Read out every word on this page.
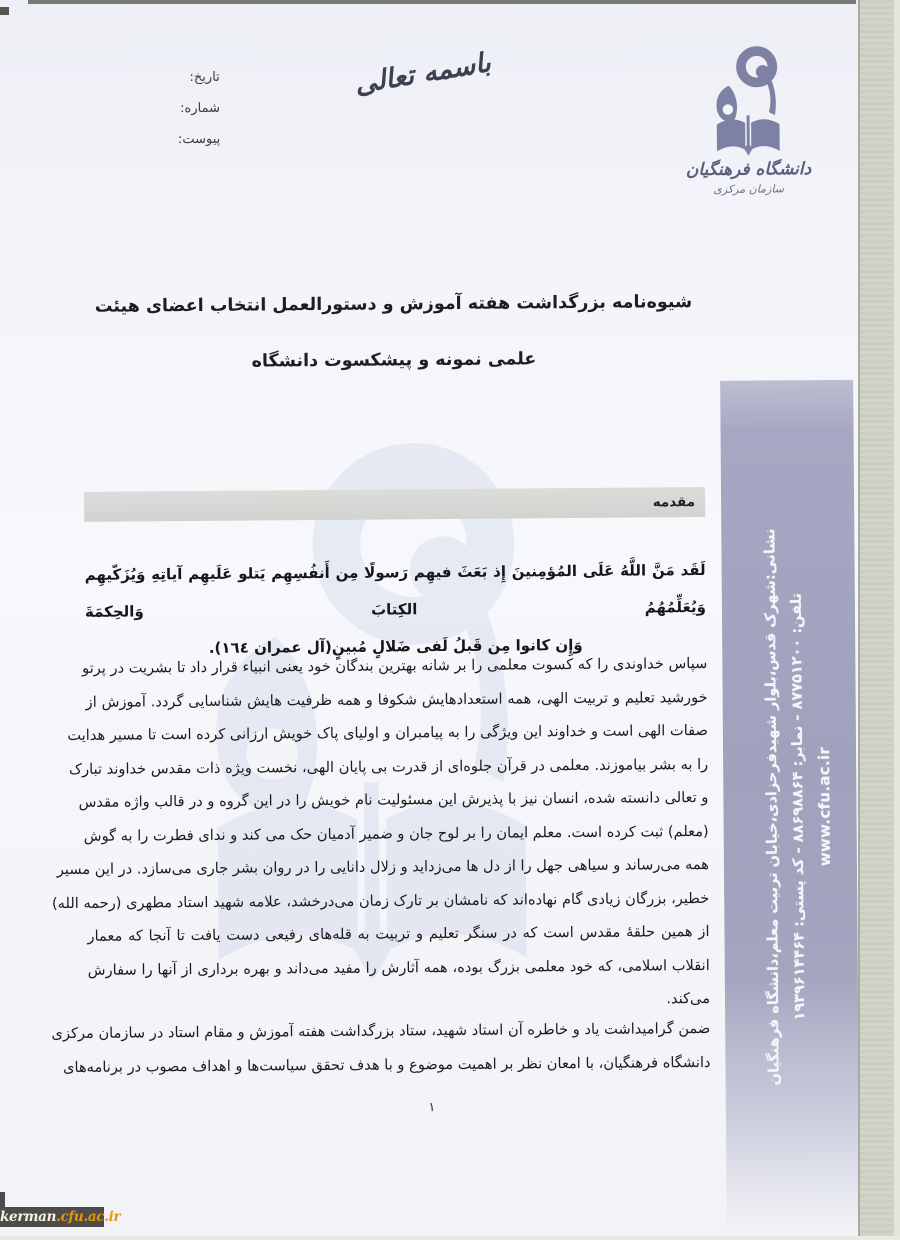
تاریخ:
شماره:
پیوست:
باسمه تعالی
دانشگاه فرهنگیان
سازمان مرکزی
شیوه‌نامه بزرگداشت هفته آموزش و دستورالعمل انتخاب اعضای هیئت
علمی نمونه و پیشکسوت دانشگاه
مقدمه
لَقَد مَنَّ اللَّهُ عَلَى المُؤمِنينَ إِذ بَعَثَ فيهِم رَسولًا مِن أَنفُسِهِم يَتلو عَلَيهِم آياتِهِ وَيُزَكّيهِم وَيُعَلِّمُهُمُ الكِتابَ وَالحِكمَةَ
وَإِن كانوا مِن قَبلُ لَفى ضَلالٍ مُبينٍ(آل عمران ١٦٤).
سپاس خداوندی را که کسوت معلمی را بر شانه بهترین بندگان خود یعنی انبیاء قرار داد تا بشریت در پرتو
خورشید تعلیم و تربیت الهی، همه استعدادهایش شکوفا و همه ظرفیت هایش شناسایی گردد. آموزش از
صفات الهی است و خداوند این ویژگی را به پیامبران و اولیای پاک خویش ارزانی کرده است تا مسیر هدایت
را به بشر بیاموزند. معلمی در قرآن جلوه‌ای از قدرت بی پایان الهی، نخست ویژه ذات مقدس خداوند تبارک
و تعالی دانسته شده، انسان نیز با پذیرش این مسئولیت نام خویش را در این گروه و در قالب واژه مقدس
(معلم) ثبت کرده است. معلم ایمان را بر لوح جان و ضمیر آدمیان حک می کند و ندای فطرت را به گوش
همه می‌رساند و سیاهی جهل را از دل ها می‌زداید و زلال دانایی را در روان بشر جاری می‌سازد. در این مسیر
خطیر، بزرگان زیادی گام نهاده‌اند که نامشان بر تارک زمان می‌درخشد، علامه شهید استاد مطهری (رحمه الله)
از همین حلقهٔ مقدس است که در سنگر تعلیم و تربیت به قله‌های رفیعی دست یافت تا آنجا که معمار
انقلاب اسلامی، که خود معلمی بزرگ بوده، همه آثارش را مفید می‌داند و بهره برداری از آنها را سفارش
می‌کند.
ضمن گرامیداشت یاد و خاطره آن استاد شهید، ستاد بزرگداشت هفته آموزش و مقام استاد در سازمان مرکزی
دانشگاه فرهنگیان، با امعان نظر بر اهمیت موضوع و با هدف تحقق سیاست‌ها و اهداف مصوب در برنامه‌های
۱
نشانی:شهرک قدس،بلوار شهیدفرحزادی،خیابان تربیت معلم،دانشگاه فرهنگیان تلفن: ۸۷۷۵۱۲۰۰ - نمابر: ۸۸۶۹۸۸۶۴ - کد پستی: ۱۹۳۹۶۱۴۴۶۴
www.cfu.ac.ir
kerman.cfu.ac.ir
